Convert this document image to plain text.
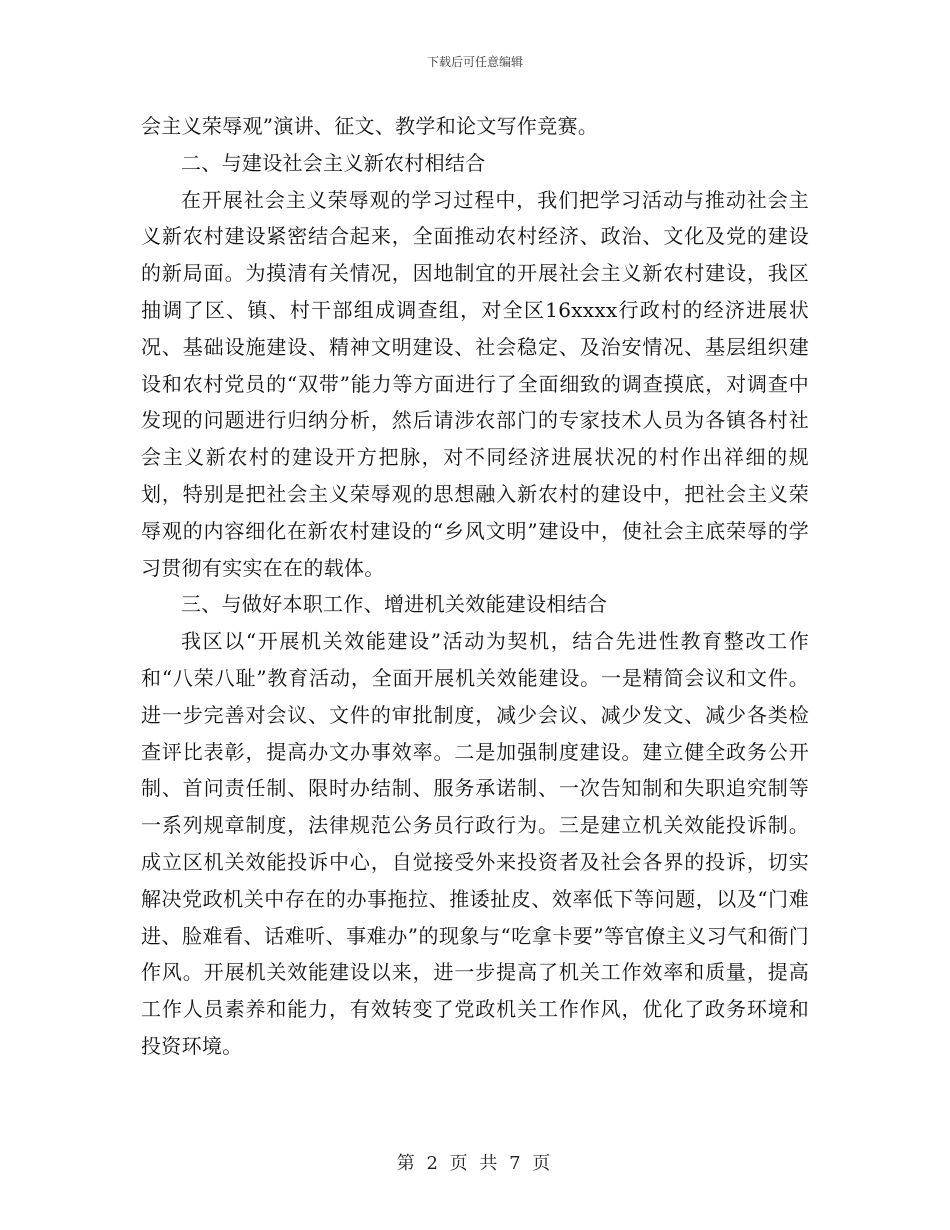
下载后可任意编辑

会主义荣辱观”演讲、征文、教学和论文写作竞赛。

二、与建设社会主义新农村相结合

在开展社会主义荣辱观的学习过程中，我们把学习活动与推动社会主义新农村建设紧密结合起来，全面推动农村经济、政治、文化及党的建设的新局面。为摸清有关情况，因地制宜的开展社会主义新农村建设，我区抽调了区、镇、村干部组成调查组，对全区16xxxx行政村的经济进展状况、基础设施建设、精神文明建设、社会稳定、及治安情况、基层组织建设和农村党员的“双带”能力等方面进行了全面细致的调查摸底，对调查中发现的问题进行归纳分析，然后请涉农部门的专家技术人员为各镇各村社会主义新农村的建设开方把脉，对不同经济进展状况的村作出祥细的规划，特别是把社会主义荣辱观的思想融入新农村的建设中，把社会主义荣辱观的内容细化在新农村建设的“乡风文明”建设中，使社会主底荣辱的学习贯彻有实实在在的载体。

三、与做好本职工作、增进机关效能建设相结合

我区以“开展机关效能建设”活动为契机，结合先进性教育整改工作和“八荣八耻”教育活动，全面开展机关效能建设。一是精简会议和文件。进一步完善对会议、文件的审批制度，减少会议、减少发文、减少各类检查评比表彰，提高办文办事效率。二是加强制度建设。建立健全政务公开制、首问责任制、限时办结制、服务承诺制、一次告知制和失职追究制等一系列规章制度，法律规范公务员行政行为。三是建立机关效能投诉制。成立区机关效能投诉中心，自觉接受外来投资者及社会各界的投诉，切实解决党政机关中存在的办事拖拉、推诿扯皮、效率低下等问题，以及“门难进、脸难看、话难听、事难办”的现象与“吃拿卡要”等官僚主义习气和衙门作风。开展机关效能建设以来，进一步提高了机关工作效率和质量，提高工作人员素养和能力，有效转变了党政机关工作作风，优化了政务环境和投资环境。

第 2 页 共 7 页
